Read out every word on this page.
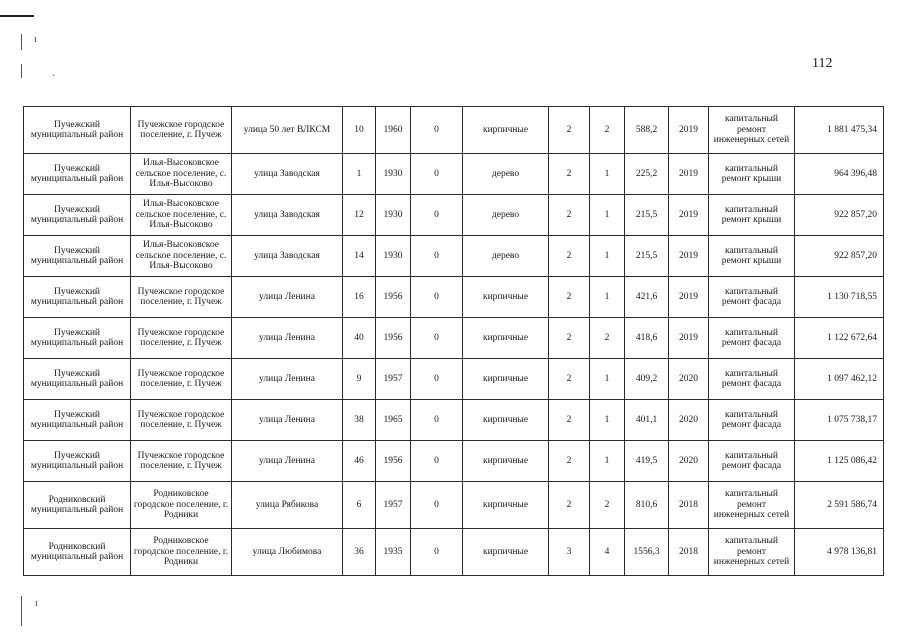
ı
.
ı
112
Пучежский муниципальный район	Пучежское городское поселение, г. Пучеж	улица 50 лет ВЛКСМ	10	1960	0	кирпичные	2	2	588,2	2019	капитальный ремонт инженерных сетей	1 881 475,34
Пучежский муниципальный район	Илья-Высоковское сельское поселение, с. Илья-Высоково	улица Заводская	1	1930	0	дерево	2	1	225,2	2019	капитальный ремонт крыши	964 396,48
Пучежский муниципальный район	Илья-Высоковское сельское поселение, с. Илья-Высоково	улица Заводская	12	1930	0	дерево	2	1	215,5	2019	капитальный ремонт крыши	922 857,20
Пучежский муниципальный район	Илья-Высоковское сельское поселение, с. Илья-Высоково	улица Заводская	14	1930	0	дерево	2	1	215,5	2019	капитальный ремонт крыши	922 857,20
Пучежский муниципальный район	Пучежское городское поселение, г. Пучеж	улица Ленина	16	1956	0	кирпичные	2	1	421,6	2019	капитальный ремонт фасада	1 130 718,55
Пучежский муниципальный район	Пучежское городское поселение, г. Пучеж	улица Ленина	40	1956	0	кирпичные	2	2	418,6	2019	капитальный ремонт фасада	1 122 672,64
Пучежский муниципальный район	Пучежское городское поселение, г. Пучеж	улица Ленина	9	1957	0	кирпичные	2	1	409,2	2020	капитальный ремонт фасада	1 097 462,12
Пучежский муниципальный район	Пучежское городское поселение, г. Пучеж	улица Ленина	38	1965	0	кирпичные	2	1	401,1	2020	капитальный ремонт фасада	1 075 738,17
Пучежский муниципальный район	Пучежское городское поселение, г. Пучеж	улица Ленина	46	1956	0	кирпичные	2	1	419,5	2020	капитальный ремонт фасада	1 125 086,42
Родниковский муниципальный район	Родниковское городское поселение, г. Родники	улица Рябикова	6	1957	0	кирпичные	2	2	810,6	2018	капитальный ремонт инженерных сетей	2 591 586,74
Родниковский муниципальный район	Родниковское городское поселение, г. Родники	улица Любимова	36	1935	0	кирпичные	3	4	1556,3	2018	капитальный ремонт инженерных сетей	4 978 136,81
